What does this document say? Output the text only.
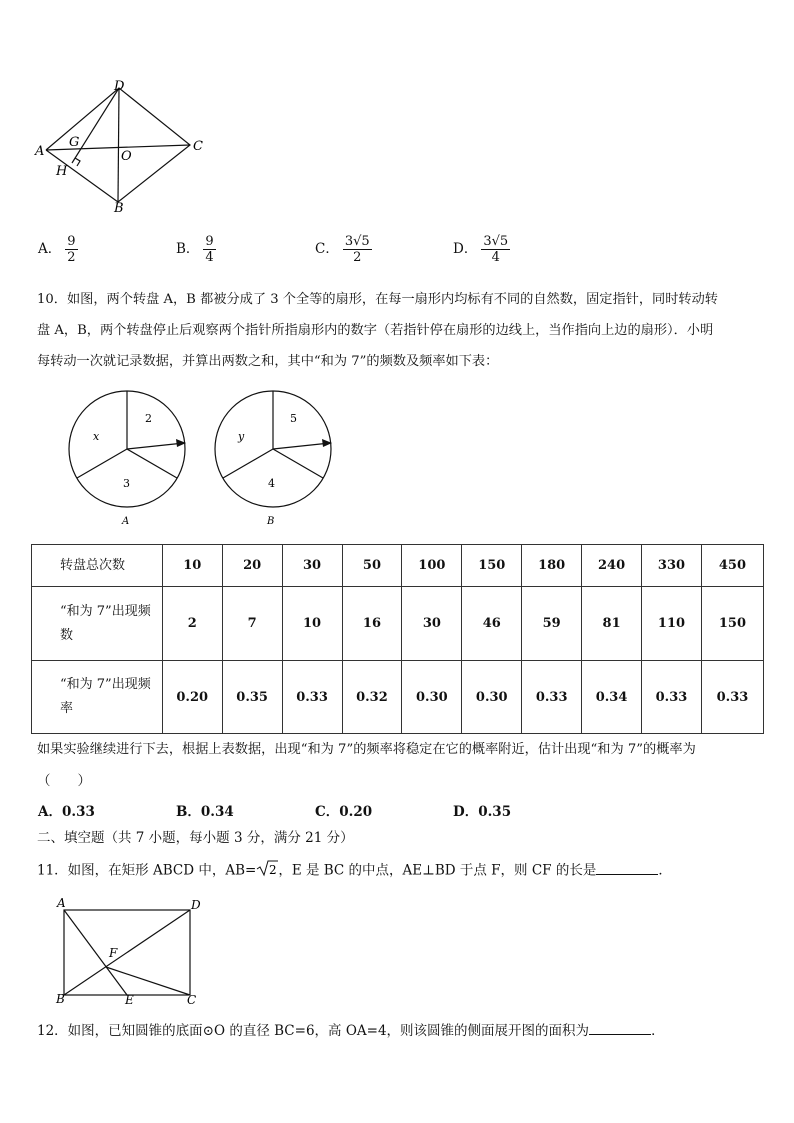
D
A
G
O
C
H
B
A． $\frac{9}{2}$	B． $\frac{9}{4}$	C． $\frac{3√5}{2}$	D． $\frac{3√5}{4}$
10．如图，两个转盘 A，B 都被分成了 3 个全等的扇形，在每一扇形内均标有不同的自然数，固定指针，同时转动转
盘 A，B，两个转盘停止后观察两个指针所指扇形内的数字（若指针停在扇形的边线上，当作指向上边的扇形）．小明
每转动一次就记录数据，并算出两数之和，其中“和为 7”的频数及频率如下表：
2
x
3
A
5
y
4
B
转盘总次数	10	20	30	50	100	150	180	240	330	450

“和为 7”出现频
数	2	7	10	16	30	46	59	81	110	150

“和为 7”出现频
率	0.20	0.35	0.33	0.32	0.30	0.30	0.33	0.34	0.33	0.33
如果实验继续进行下去，根据上表数据，出现“和为 7”的频率将稳定在它的概率附近，估计出现“和为 7”的概率为
（　　）
A．0.33	B．0.34	C．0.20	D．0.35
二、填空题（共 7 小题，每小题 3 分，满分 21 分）
11．如图，在矩形 ABCD 中，AB= 2 ，E 是 BC 的中点，AE⊥BD 于点 F，则 CF 的长是	．
A	D
F
B	E	C
12．如图，已知圆锥的底面⊙O 的直径 BC=6，高 OA=4，则该圆锥的侧面展开图的面积为	．
